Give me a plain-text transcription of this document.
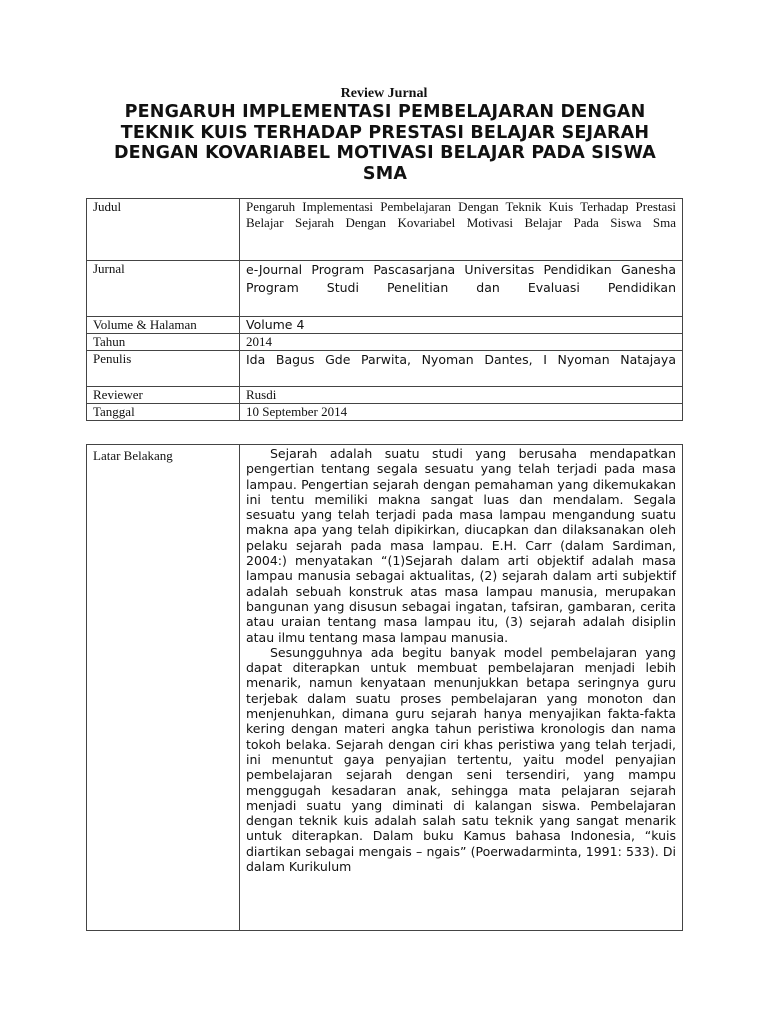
Review Jurnal
PENGARUH IMPLEMENTASI PEMBELAJARAN DENGAN TEKNIK KUIS TERHADAP PRESTASI BELAJAR SEJARAH DENGAN KOVARIABEL MOTIVASI BELAJAR PADA SISWA SMA
Judul	Pengaruh Implementasi Pembelajaran Dengan Teknik Kuis Terhadap Prestasi Belajar Sejarah Dengan Kovariabel Motivasi Belajar Pada Siswa Sma
Jurnal	e-Journal Program Pascasarjana Universitas Pendidikan Ganesha Program Studi Penelitian dan Evaluasi Pendidikan
Volume & Halaman	Volume 4
Tahun	2014
Penulis	Ida Bagus Gde Parwita, Nyoman Dantes, I Nyoman Natajaya
Reviewer	Rusdi
Tanggal	10 September 2014
Latar Belakang	Sejarah adalah suatu studi yang berusaha mendapatkan pengertian tentang segala sesuatu yang telah terjadi pada masa lampau. Pengertian sejarah dengan pemahaman yang dikemukakan ini tentu memiliki makna sangat luas dan mendalam. Segala sesuatu yang telah terjadi pada masa lampau mengandung suatu makna apa yang telah dipikirkan, diucapkan dan dilaksanakan oleh pelaku sejarah pada masa lampau. E.H. Carr (dalam Sardiman, 2004:) menyatakan “(1)Sejarah dalam arti objektif adalah masa lampau manusia sebagai aktualitas, (2) sejarah dalam arti subjektif adalah sebuah konstruk atas masa lampau manusia, merupakan bangunan yang disusun sebagai ingatan, tafsiran, gambaran, cerita atau uraian tentang masa lampau itu, (3) sejarah adalah disiplin atau ilmu tentang masa lampau manusia.

Sesungguhnya ada begitu banyak model pembelajaran yang dapat diterapkan untuk membuat pembelajaran menjadi lebih menarik, namun kenyataan menunjukkan betapa seringnya guru terjebak dalam suatu proses pembelajaran yang monoton dan menjenuhkan, dimana guru sejarah hanya menyajikan fakta-fakta kering dengan materi angka tahun peristiwa kronologis dan nama tokoh belaka. Sejarah dengan ciri khas peristiwa yang telah terjadi, ini menuntut gaya penyajian tertentu, yaitu model penyajian pembelajaran sejarah dengan seni tersendiri, yang mampu menggugah kesadaran anak, sehingga mata pelajaran sejarah menjadi suatu yang diminati di kalangan siswa. Pembelajaran dengan teknik kuis adalah salah satu teknik yang sangat menarik untuk diterapkan. Dalam buku Kamus bahasa Indonesia, “kuis diartikan sebagai mengais – ngais” (Poerwadarminta, 1991: 533). Di dalam Kurikulum
